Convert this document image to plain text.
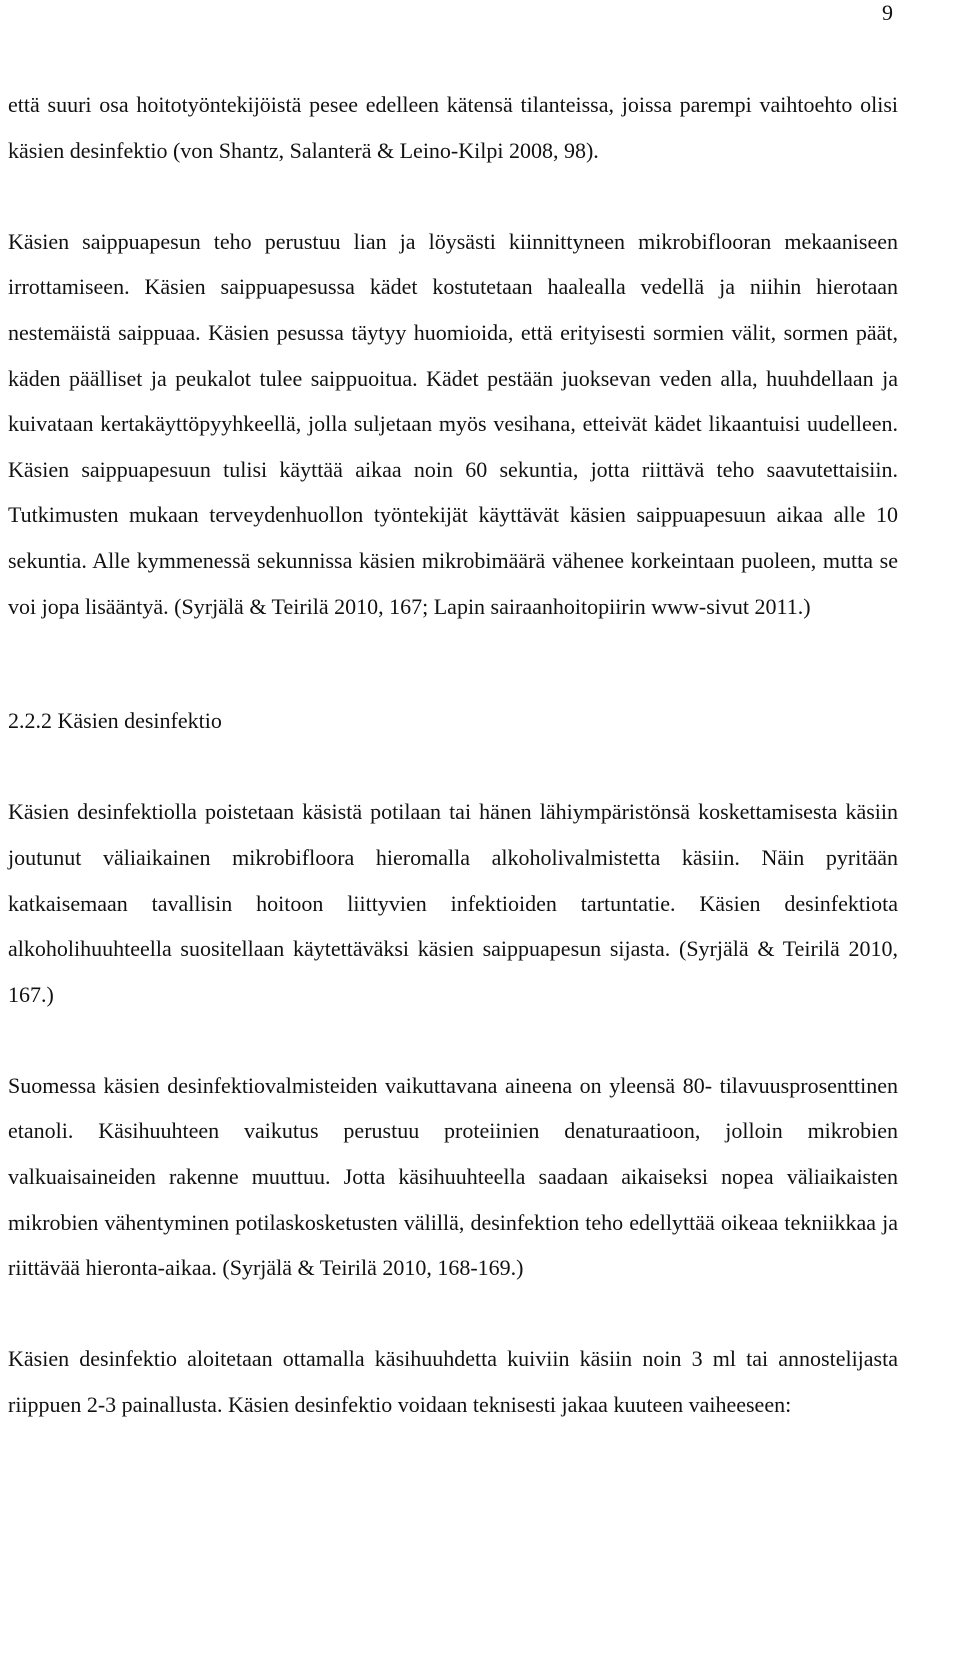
9

että suuri osa hoitotyöntekijöistä pesee edelleen kätensä tilanteissa, joissa parempi vaihtoehto olisi käsien desinfektio (von Shantz, Salanterä & Leino-Kilpi 2008, 98).

Käsien saippuapesun teho perustuu lian ja löysästi kiinnittyneen mikrobiflooran mekaaniseen irrottamiseen. Käsien saippuapesussa kädet kostutetaan haalealla vedellä ja niihin hierotaan nestemäistä saippuaa. Käsien pesussa täytyy huomioida, että erityisesti sormien välit, sormen päät, käden päälliset ja peukalot tulee saippuoitua. Kädet pestään juoksevan veden alla, huuhdellaan ja kuivataan kertakäyttöpyyhkeellä, jolla suljetaan myös vesihana, etteivät kädet likaantuisi uudelleen. Käsien saippuapesuun tulisi käyttää aikaa noin 60 sekuntia, jotta riittävä teho saavutettaisiin. Tutkimusten mukaan terveydenhuollon työntekijät käyttävät käsien saippuapesuun aikaa alle 10 sekuntia. Alle kymmenessä sekunnissa käsien mikrobimäärä vähenee korkeintaan puoleen, mutta se voi jopa lisääntyä. (Syrjälä & Teirilä 2010, 167; Lapin sairaanhoitopiirin www-sivut 2011.)

2.2.2 Käsien desinfektio

Käsien desinfektiolla poistetaan käsistä potilaan tai hänen lähiympäristönsä koskettamisesta käsiin joutunut väliaikainen mikrobifloora hieromalla alkoholivalmistetta käsiin. Näin pyritään katkaisemaan tavallisin hoitoon liittyvien infektioiden tartuntatie. Käsien desinfektiota alkoholihuuhteella suositellaan käytettäväksi käsien saippuapesun sijasta. (Syrjälä & Teirilä 2010, 167.)

Suomessa käsien desinfektiovalmisteiden vaikuttavana aineena on yleensä 80- tilavuusprosenttinen etanoli. Käsihuuhteen vaikutus perustuu proteiinien denaturaatioon, jolloin mikrobien valkuaisaineiden rakenne muuttuu. Jotta käsihuuhteella saadaan aikaiseksi nopea väliaikaisten mikrobien vähentyminen potilaskosketusten välillä, desinfektion teho edellyttää oikeaa tekniikkaa ja riittävää hieronta-aikaa. (Syrjälä & Teirilä 2010, 168-169.)

Käsien desinfektio aloitetaan ottamalla käsihuuhdetta kuiviin käsiin noin 3 ml tai annostelijasta riippuen 2-3 painallusta. Käsien desinfektio voidaan teknisesti jakaa kuuteen vaiheeseen:
